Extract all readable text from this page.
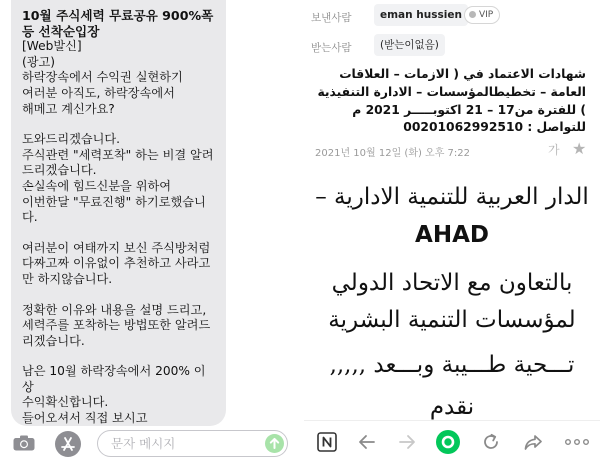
10월 주식세력 무료공유 900%폭등 선착순입장

[Web발신]
(광고)
하락장속에서 수익권 실현하기
여러분 아직도, 하락장속에서
해메고 계신가요?

도와드리겠습니다.
주식관련 "세력포착" 하는 비결 알려
드리겠습니다.
손실속에 힘드신분을 위하여
이번한달 "무료진행" 하기로했습니
다.

여러분이 여태까지 보신 주식방처럼
다짜고짜 이유없이 추천하고 사라고
만 하지않습니다.

정확한 이유와 내용을 설명 드리고,
세력주를 포착하는 방법또한 알려드
리겠습니다.

남은 10월 하락장속에서 200% 이상
수익확신합니다.
들어오셔서 직접 보시고

문자 메시지
보낸사람	eman hussien	VIP
받는사람	(받는이없음)
شهادات الاعتماد في ( الازمات – العلاقات العامة – تخطيطالمؤسسات – الادارة التنفيذية ) للفترة من17 – 21 اكتوبـــــر 2021 م للتواصل : 00201062992510
2021년 10월 12일 (화) 오후 7:22	가 ★
الدار العربية للتنمية الادارية –
AHAD
بالتعاون مع الاتحاد الدولي
لمؤسسات التنمية البشرية
تـــحية طـــيبة وبـــعد ,,,,,
نقدم
